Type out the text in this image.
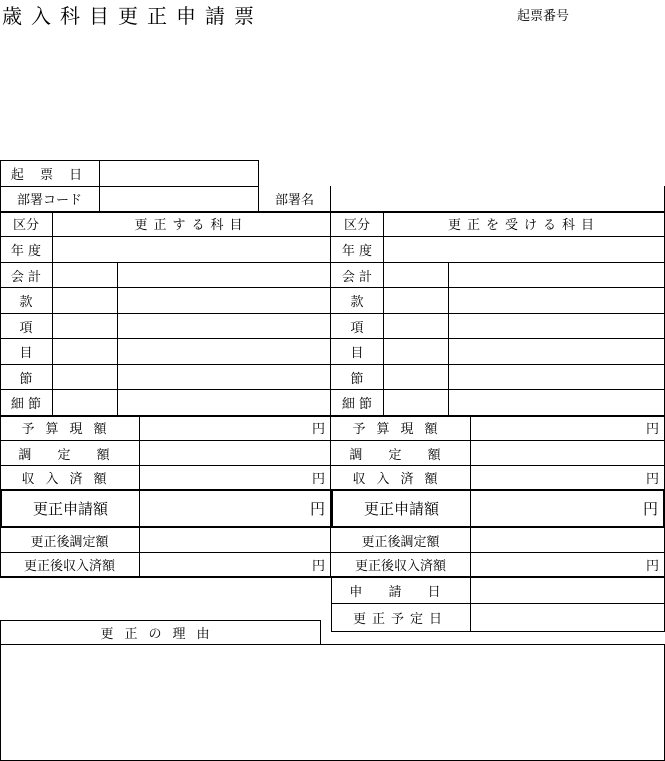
歳入科目更正申請票	起票番号
起 票 日
部署コード	部署名
区分	更正する科目	区分	更正を受ける科目
年 度	年 度
会 計	会 計
款	款
項	項
目	目
節	節
細 節	細 節
予算現額	円	予算現額	円
調 定 額	調 定 額
収入済額	円	収入済額	円
更正申請額	円	更正申請額	円
更正後調定額	更正後調定額
更正後収入済額	円	更正後収入済額	円
申 請 日
更正予定日
更正の理由
